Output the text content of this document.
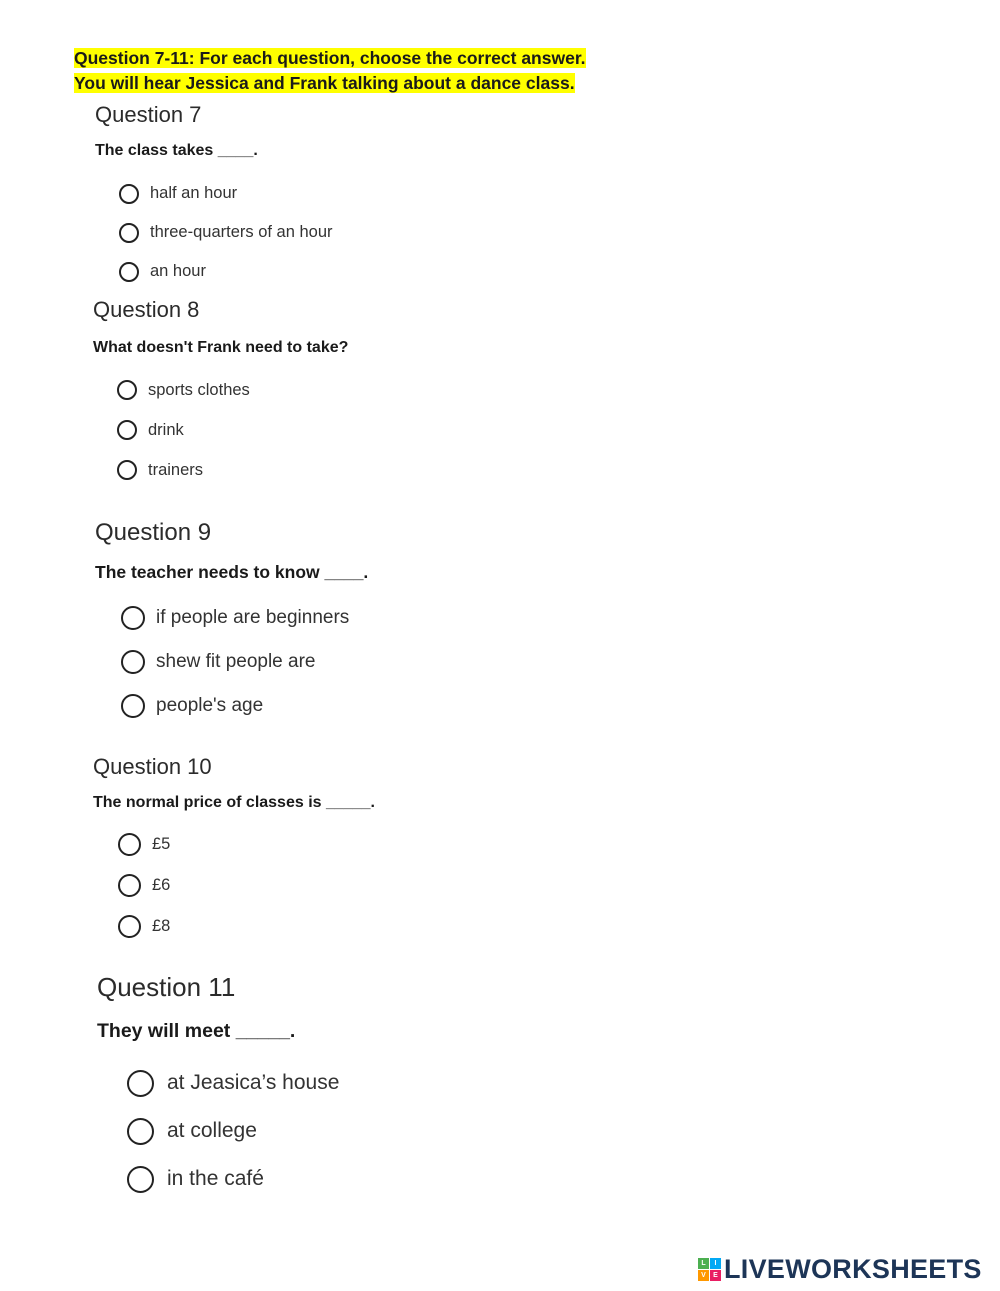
Question 7-11: For each question, choose the correct answer.
You will hear Jessica and Frank talking about a dance class.
Question 7
The class takes ____.
half an hour
three-quarters of an hour
an hour
Question 8
What doesn't Frank need to take?
sports clothes
drink
trainers
Question 9
The teacher needs to know ____.
if people are beginners
shew fit people are
people's age
Question 10
The normal price of classes is _____.
£5
£6
£8
Question 11
They will meet _____.
at Jeasica’s house
at college
in the café
L	I
V	E LIVEWORKSHEETS
